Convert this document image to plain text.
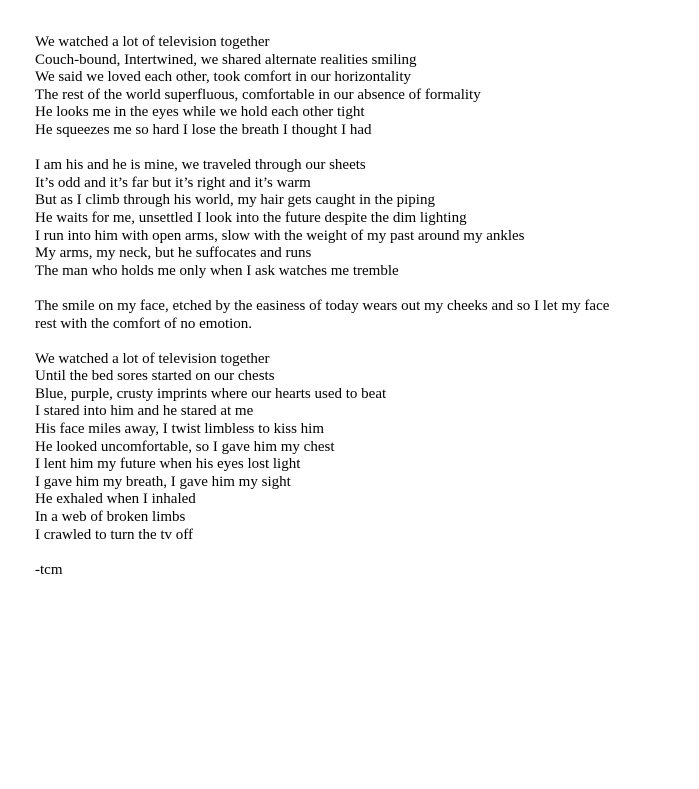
We watched a lot of television together
Couch-bound, Intertwined, we shared alternate realities smiling
We said we loved each other, took comfort in our horizontality
The rest of the world superfluous, comfortable in our absence of formality
He looks me in the eyes while we hold each other tight
He squeezes me so hard I lose the breath I thought I had
I am his and he is mine, we traveled through our sheets
It’s odd and it’s far but it’s right and it’s warm
But as I climb through his world, my hair gets caught in the piping
He waits for me, unsettled I look into the future despite the dim lighting
I run into him with open arms, slow with the weight of my past around my ankles
My arms, my neck, but he suffocates and runs
The man who holds me only when I ask watches me tremble
The smile on my face, etched by the easiness of today wears out my cheeks and so I let my face
rest with the comfort of no emotion.
We watched a lot of television together
Until the bed sores started on our chests
Blue, purple, crusty imprints where our hearts used to beat
I stared into him and he stared at me
His face miles away, I twist limbless to kiss him
He looked uncomfortable, so I gave him my chest
I lent him my future when his eyes lost light
I gave him my breath, I gave him my sight
He exhaled when I inhaled
In a web of broken limbs
I crawled to turn the tv off
-tcm
